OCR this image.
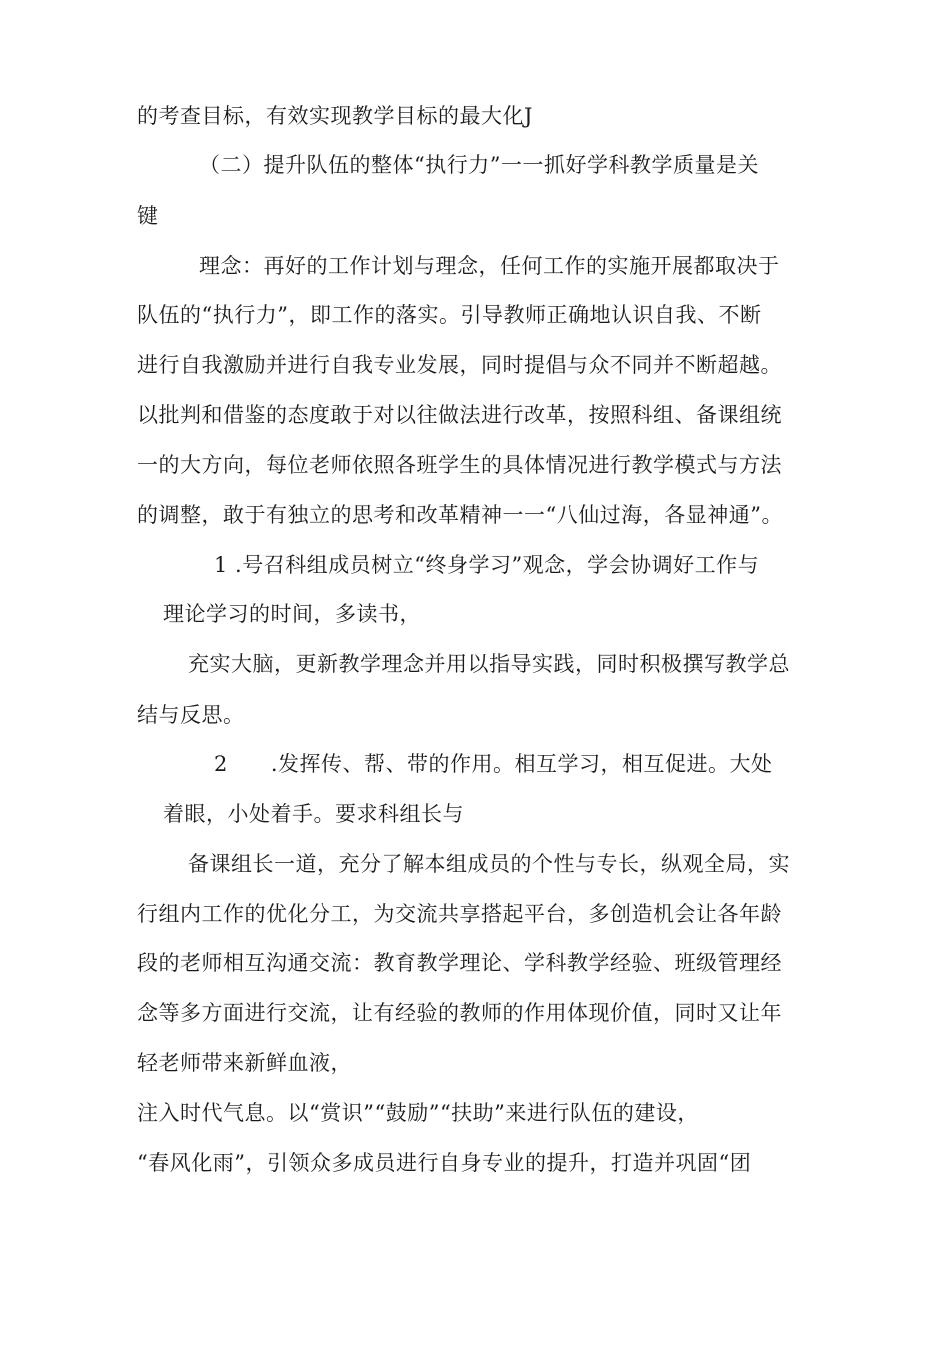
的考查目标，有效实现教学目标的最大化J
（二）提升队伍的整体“执行力”一一抓好学科教学质量是关
键
理念：再好的工作计划与理念，任何工作的实施开展都取决于
队伍的“执行力”，即工作的落实。引导教师正确地认识自我、不断
进行自我激励并进行自我专业发展，同时提倡与众不同并不断超越。
以批判和借鉴的态度敢于对以往做法进行改革，按照科组、备课组统
一的大方向，每位老师依照各班学生的具体情况进行教学模式与方法
的调整，敢于有独立的思考和改革精神一一“八仙过海，各显神通”。
1 .号召科组成员树立“终身学习”观念，学会协调好工作与
理论学习的时间，多读书，
充实大脑，更新教学理念并用以指导实践，同时积极撰写教学总
结与反思。
2　　.发挥传、帮、带的作用。相互学习，相互促进。大处
着眼，小处着手。要求科组长与
备课组长一道，充分了解本组成员的个性与专长，纵观全局，实
行组内工作的优化分工，为交流共享搭起平台，多创造机会让各年龄
段的老师相互沟通交流：教育教学理论、学科教学经验、班级管理经
念等多方面进行交流，让有经验的教师的作用体现价值，同时又让年
轻老师带来新鲜血液，
注入时代气息。以“赏识”“鼓励”“扶助”来进行队伍的建设，
“春风化雨”，引领众多成员进行自身专业的提升，打造并巩固“团
